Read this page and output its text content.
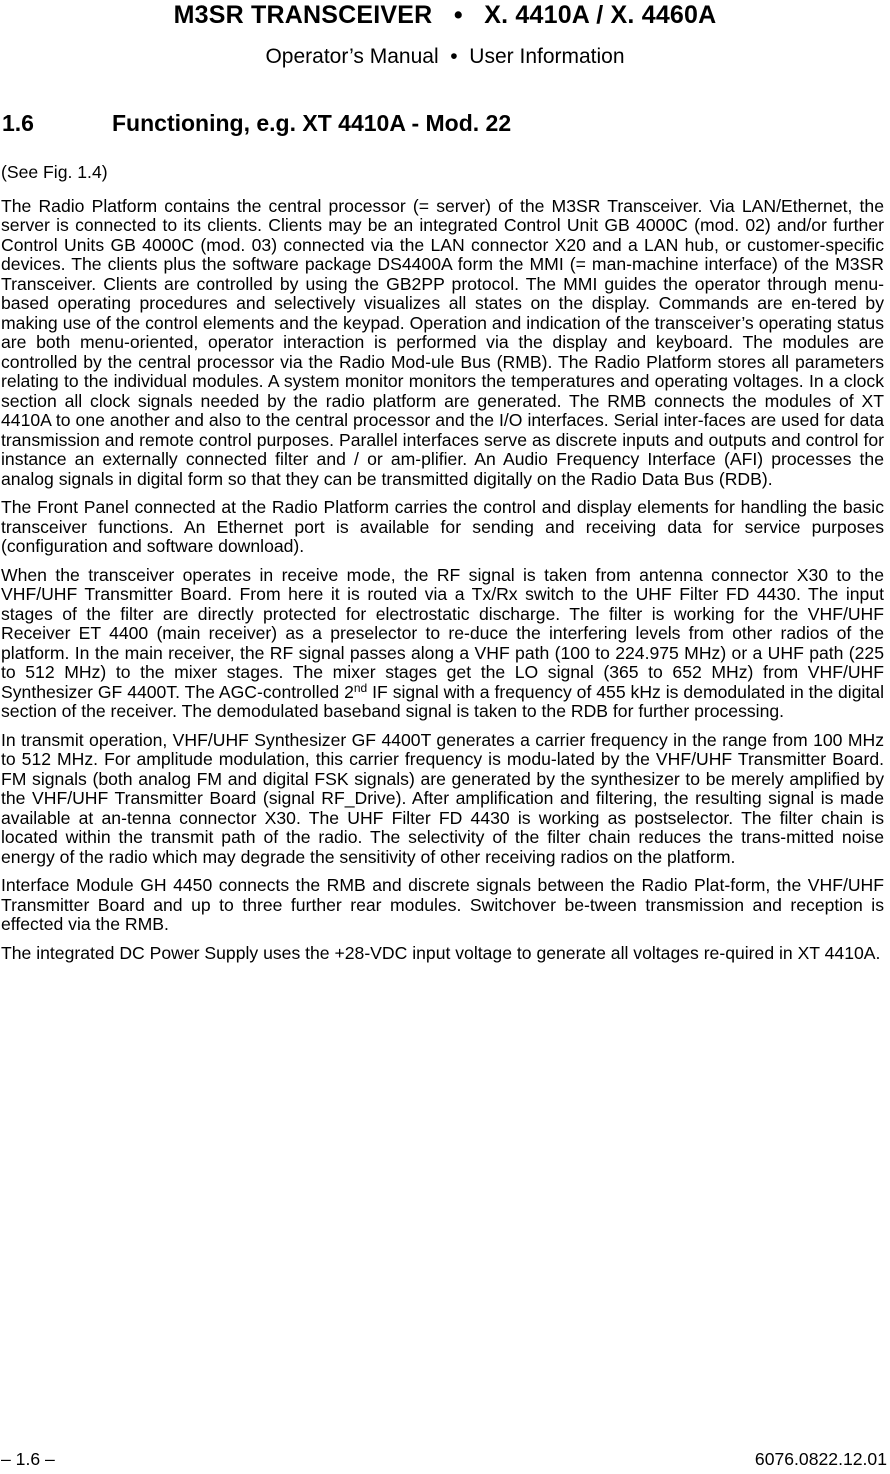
M3SR TRANSCEIVER   •   X. 4410A / X. 4460A
Operator’s Manual  •  User Information
1.6	Functioning, e.g. XT 4410A - Mod. 22

(See Fig. 1.4)

The Radio Platform contains the central processor (= server) of the M3SR Transceiver. Via LAN/Ethernet, the server is connected to its clients. Clients may be an integrated Control Unit GB 4000C (mod. 02) and/or further Control Units GB 4000C (mod. 03) connected via the LAN connector X20 and a LAN hub, or customer-specific devices. The clients plus the software package DS4400A form the MMI (= man-machine interface) of the M3SR Transceiver. Clients are controlled by using the GB2PP protocol. The MMI guides the operator through menu-based operating procedures and selectively visualizes all states on the display. Commands are en-tered by making use of the control elements and the keypad. Operation and indication of the transceiver’s operating status are both menu-oriented, operator interaction is performed via the display and keyboard. The modules are controlled by the central processor via the Radio Mod-ule Bus (RMB). The Radio Platform stores all parameters relating to the individual modules. A system monitor monitors the temperatures and operating voltages. In a clock section all clock signals needed by the radio platform are generated. The RMB connects the modules of XT 4410A to one another and also to the central processor and the I/O interfaces. Serial inter-faces are used for data transmission and remote control purposes. Parallel interfaces serve as discrete inputs and outputs and control for instance an externally connected filter and / or am-plifier. An Audio Frequency Interface (AFI) processes the analog signals in digital form so that they can be transmitted digitally on the Radio Data Bus (RDB).

The Front Panel connected at the Radio Platform carries the control and display elements for handling the basic transceiver functions. An Ethernet port is available for sending and receiving data for service purposes (configuration and software download).

When the transceiver operates in receive mode, the RF signal is taken from antenna connector X30 to the VHF/UHF Transmitter Board. From here it is routed via a Tx/Rx switch to the UHF Filter FD 4430. The input stages of the filter are directly protected for electrostatic discharge. The filter is working for the VHF/UHF Receiver ET 4400 (main receiver) as a preselector to re-duce the interfering levels from other radios of the platform. In the main receiver, the RF signal passes along a VHF path (100 to 224.975 MHz) or a UHF path (225 to 512 MHz) to the mixer stages. The mixer stages get the LO signal (365 to 652 MHz) from VHF/UHF Synthesizer GF 4400T. The AGC-controlled 2nd IF signal with a frequency of 455 kHz is demodulated in the digital section of the receiver. The demodulated baseband signal is taken to the RDB for further processing.

In transmit operation, VHF/UHF Synthesizer GF 4400T generates a carrier frequency in the range from 100 MHz to 512 MHz. For amplitude modulation, this carrier frequency is modu-lated by the VHF/UHF Transmitter Board. FM signals (both analog FM and digital FSK signals) are generated by the synthesizer to be merely amplified by the VHF/UHF Transmitter Board (signal RF_Drive). After amplification and filtering, the resulting signal is made available at an-tenna connector X30. The UHF Filter FD 4430 is working as postselector. The filter chain is located within the transmit path of the radio. The selectivity of the filter chain reduces the trans-mitted noise energy of the radio which may degrade the sensitivity of other receiving radios on the platform.

Interface Module GH 4450 connects the RMB and discrete signals between the Radio Plat-form, the VHF/UHF Transmitter Board and up to three further rear modules. Switchover be-tween transmission and reception is effected via the RMB.

The integrated DC Power Supply uses the +28-VDC input voltage to generate all voltages re-quired in XT 4410A.

– 1.6 –	6076.0822.12.01
